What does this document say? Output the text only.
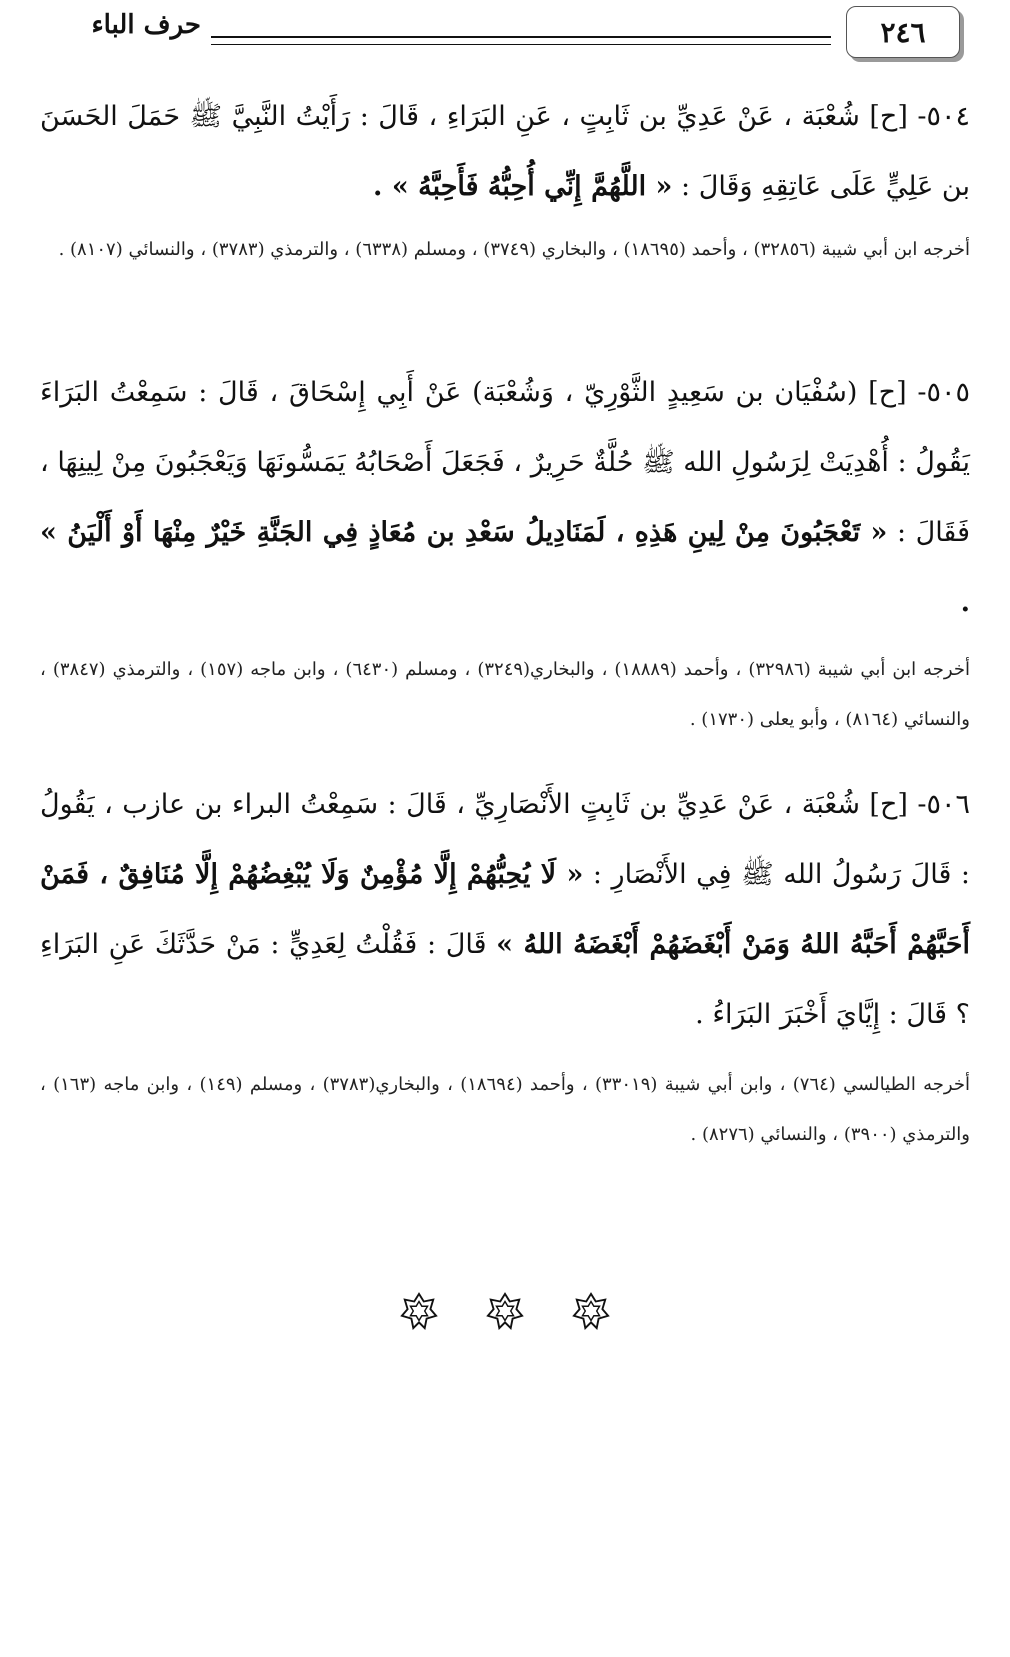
حرف الباء	٢٤٦
٥٠٤- [ح] شُعْبَة ، عَنْ عَدِيِّ بن ثَابِتٍ ، عَنِ البَرَاءِ ، قَالَ : رَأَيْتُ النَّبِيَّ ﷺ حَمَلَ الحَسَنَ بن عَلِيٍّ عَلَى عَاتِقِهِ وَقَالَ : « اللَّهُمَّ إِنِّي أُحِبُّهُ فَأَحِبَّهُ » .
أخرجه ابن أبي شيبة (٣٢٨٥٦) ، وأحمد (١٨٦٩٥) ، والبخاري (٣٧٤٩) ، ومسلم (٦٣٣٨) ، والترمذي (٣٧٨٣) ، والنسائي (٨١٠٧) .
٥٠٥- [ح] (سُفْيَان بن سَعِيدٍ الثَّوْرِيّ ، وَشُعْبَة) عَنْ أَبِي إِسْحَاقَ ، قَالَ : سَمِعْتُ البَرَاءَ يَقُولُ : أُهْدِيَتْ لِرَسُولِ الله ﷺ حُلَّةٌ حَرِيرٌ ، فَجَعَلَ أَصْحَابُهُ يَمَسُّونَهَا وَيَعْجَبُونَ مِنْ لِينِهَا ، فَقَالَ : « تَعْجَبُونَ مِنْ لِينِ هَذِهِ ، لَمَنَادِيلُ سَعْدِ بن مُعَاذٍ فِي الجَنَّةِ خَيْرٌ مِنْهَا أَوْ أَلْيَنُ » .
أخرجه ابن أبي شيبة (٣٢٩٨٦) ، وأحمد (١٨٨٨٩) ، والبخاري(٣٢٤٩) ، ومسلم (٦٤٣٠) ، وابن ماجه (١٥٧) ، والترمذي (٣٨٤٧) ، والنسائي (٨١٦٤) ، وأبو يعلى (١٧٣٠) .
٥٠٦- [ح] شُعْبَة ، عَنْ عَدِيِّ بن ثَابِتٍ الأَنْصَارِيِّ ، قَالَ : سَمِعْتُ البراء بن عازب ، يَقُولُ : قَالَ رَسُولُ الله ﷺ فِي الأَنْصَارِ : « لَا يُحِبُّهُمْ إِلَّا مُؤْمِنٌ وَلَا يُبْغِضُهُمْ إِلَّا مُنَافِقٌ ، فَمَنْ أَحَبَّهُمْ أَحَبَّهُ اللهُ وَمَنْ أَبْغَضَهُمْ أَبْغَضَهُ اللهُ » قَالَ : فَقُلْتُ لِعَدِيٍّ : مَنْ حَدَّثَكَ عَنِ البَرَاءِ ؟ قَالَ : إِيَّايَ أَخْبَرَ البَرَاءُ .
أخرجه الطيالسي (٧٦٤) ، وابن أبي شيبة (٣٣٠١٩) ، وأحمد (١٨٦٩٤) ، والبخاري(٣٧٨٣) ، ومسلم (١٤٩) ، وابن ماجه (١٦٣) ، والترمذي (٣٩٠٠) ، والنسائي (٨٢٧٦) .
